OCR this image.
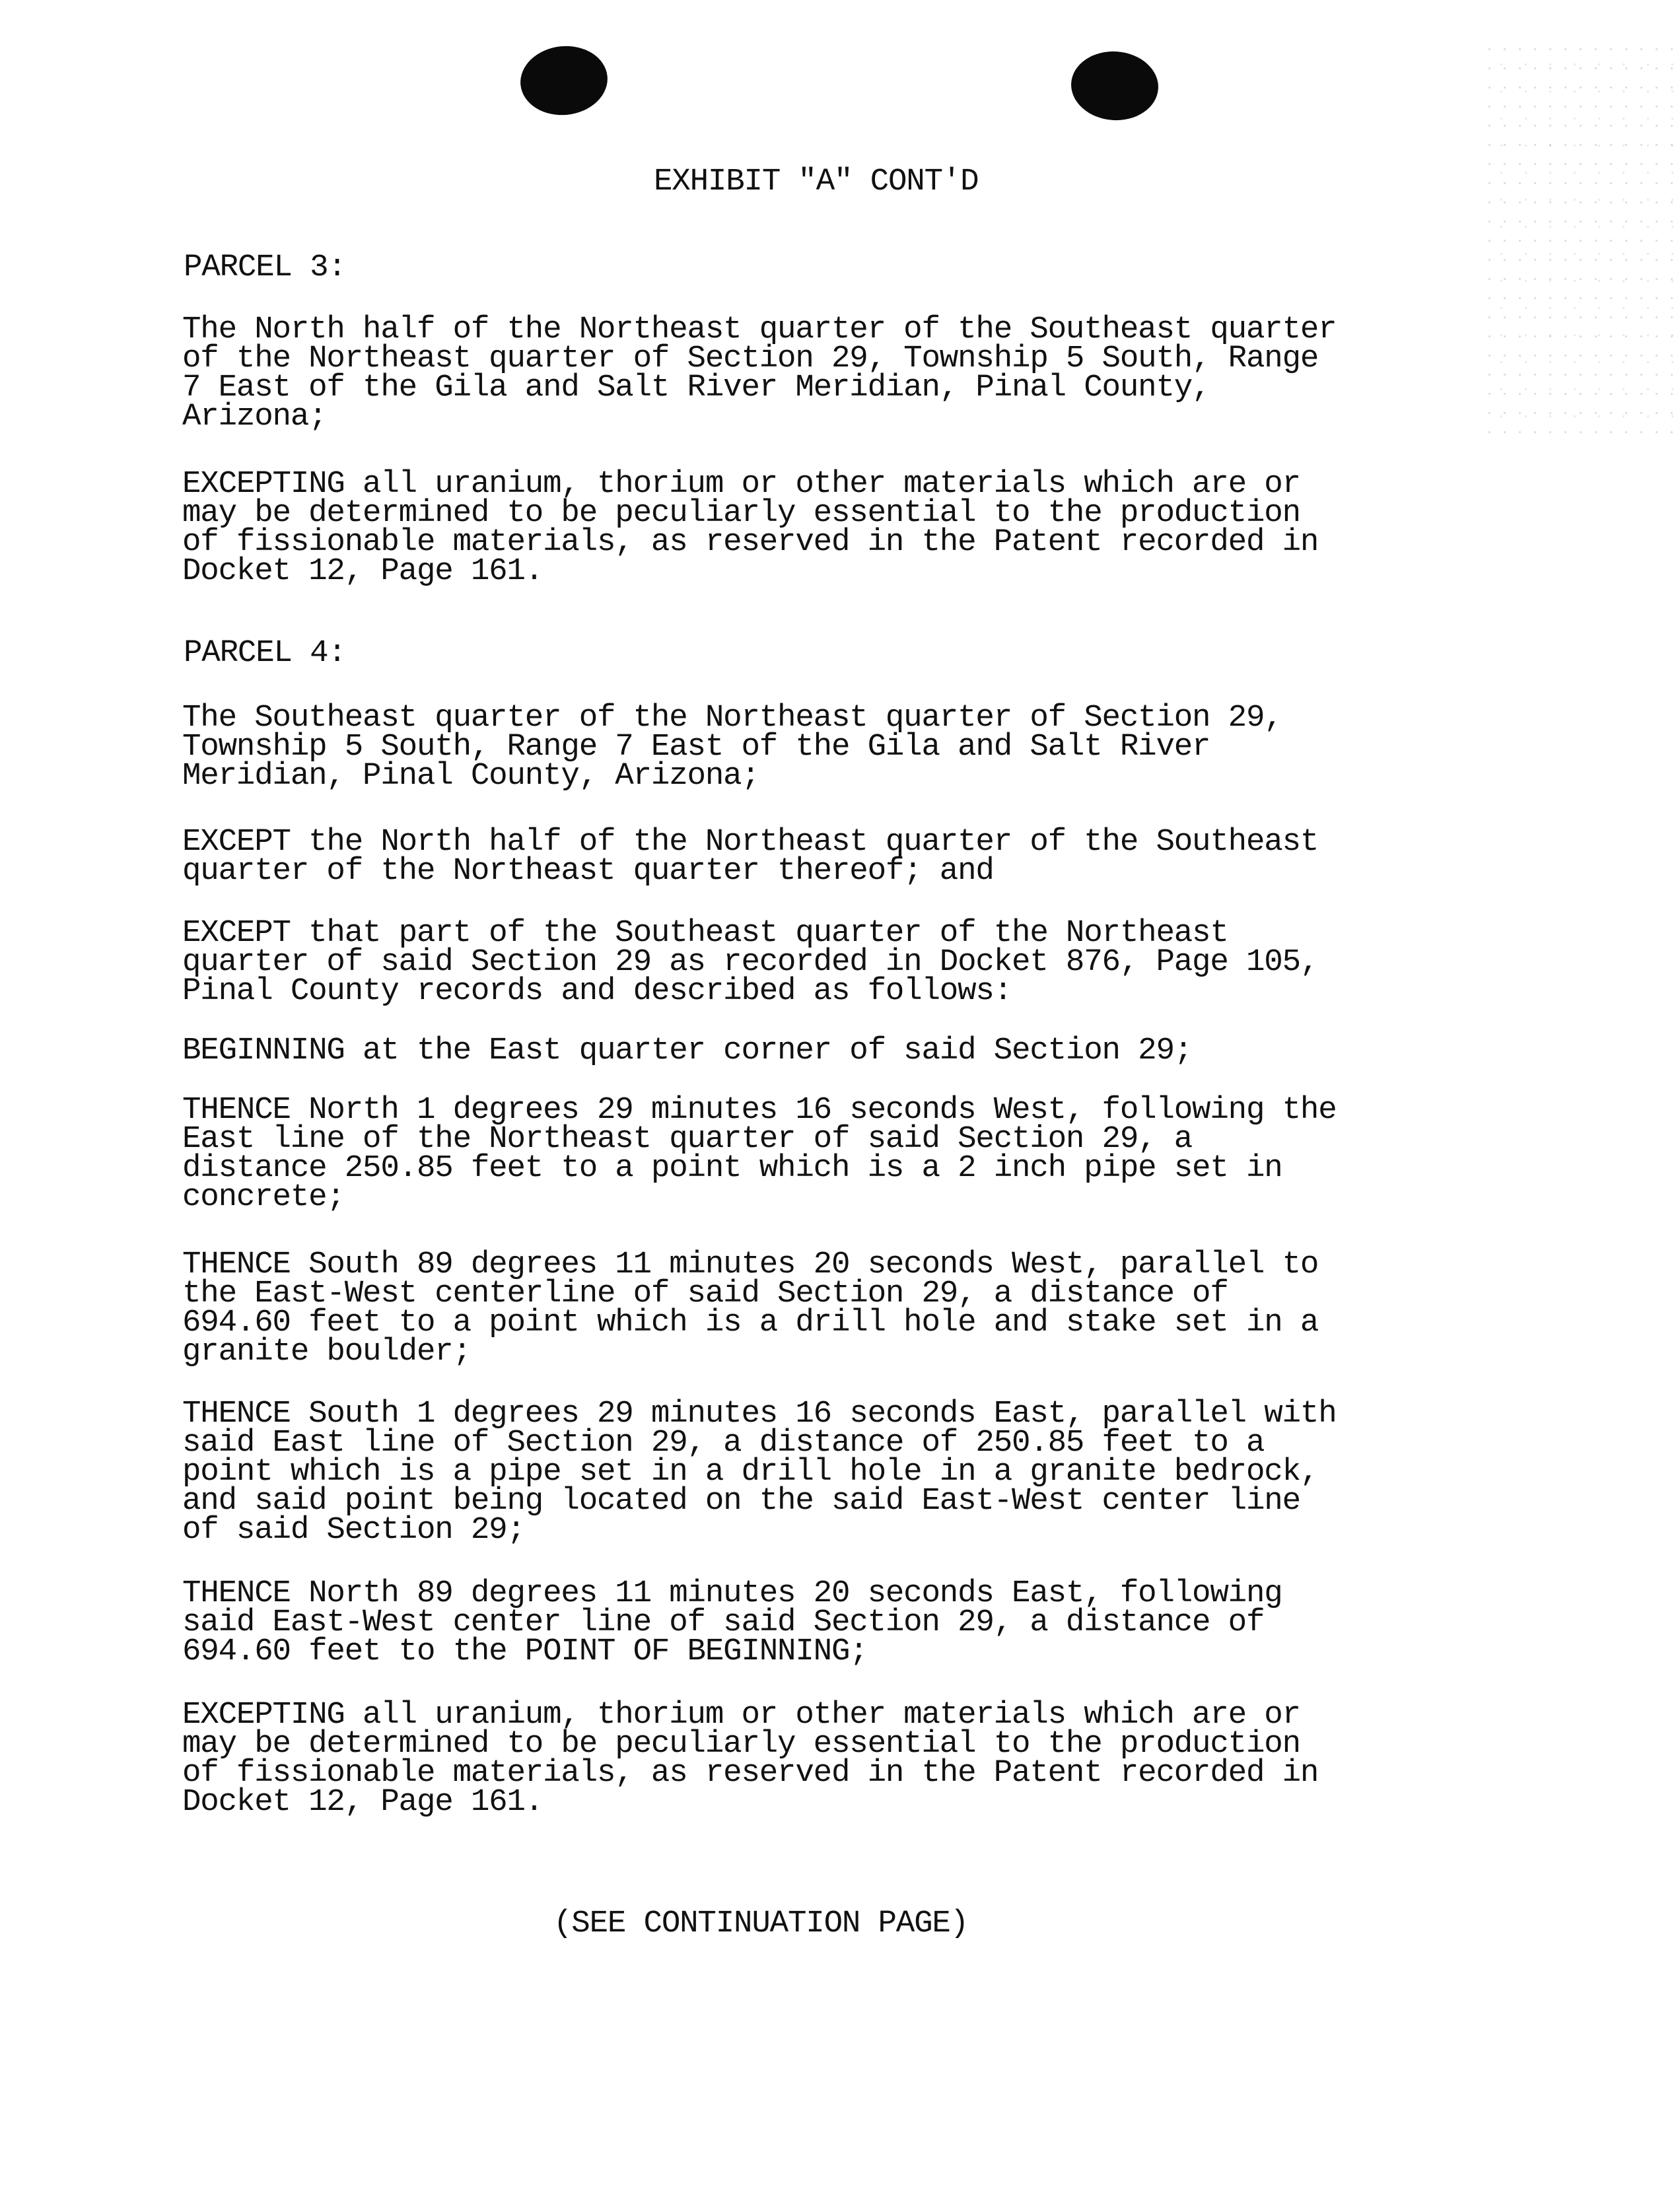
EXHIBIT "A" CONT'D

PARCEL 3:

The North half of the Northeast quarter of the Southeast quarter

of the Northeast quarter of Section 29, Township 5 South, Range

7 East of the Gila and Salt River Meridian, Pinal County,

Arizona;

EXCEPTING all uranium, thorium or other materials which are or

may be determined to be peculiarly essential to the production

of fissionable materials, as reserved in the Patent recorded in

Docket 12, Page 161.

PARCEL 4:

The Southeast quarter of the Northeast quarter of Section 29,

Township 5 South, Range 7 East of the Gila and Salt River

Meridian, Pinal County, Arizona;

EXCEPT the North half of the Northeast quarter of the Southeast

quarter of the Northeast quarter thereof; and

EXCEPT that part of the Southeast quarter of the Northeast

quarter of said Section 29 as recorded in Docket 876, Page 105,

Pinal County records and described as follows:

BEGINNING at the East quarter corner of said Section 29;

THENCE North 1 degrees 29 minutes 16 seconds West, following the

East line of the Northeast quarter of said Section 29, a

distance 250.85 feet to a point which is a 2 inch pipe set in

concrete;

THENCE South 89 degrees 11 minutes 20 seconds West, parallel to

the East-West centerline of said Section 29, a distance of

694.60 feet to a point which is a drill hole and stake set in a

granite boulder;

THENCE South 1 degrees 29 minutes 16 seconds East, parallel with

said East line of Section 29, a distance of 250.85 feet to a

point which is a pipe set in a drill hole in a granite bedrock,

and said point being located on the said East-West center line

of said Section 29;

THENCE North 89 degrees 11 minutes 20 seconds East, following

said East-West center line of said Section 29, a distance of

694.60 feet to the POINT OF BEGINNING;

EXCEPTING all uranium, thorium or other materials which are or

may be determined to be peculiarly essential to the production

of fissionable materials, as reserved in the Patent recorded in

Docket 12, Page 161.

(SEE CONTINUATION PAGE)
